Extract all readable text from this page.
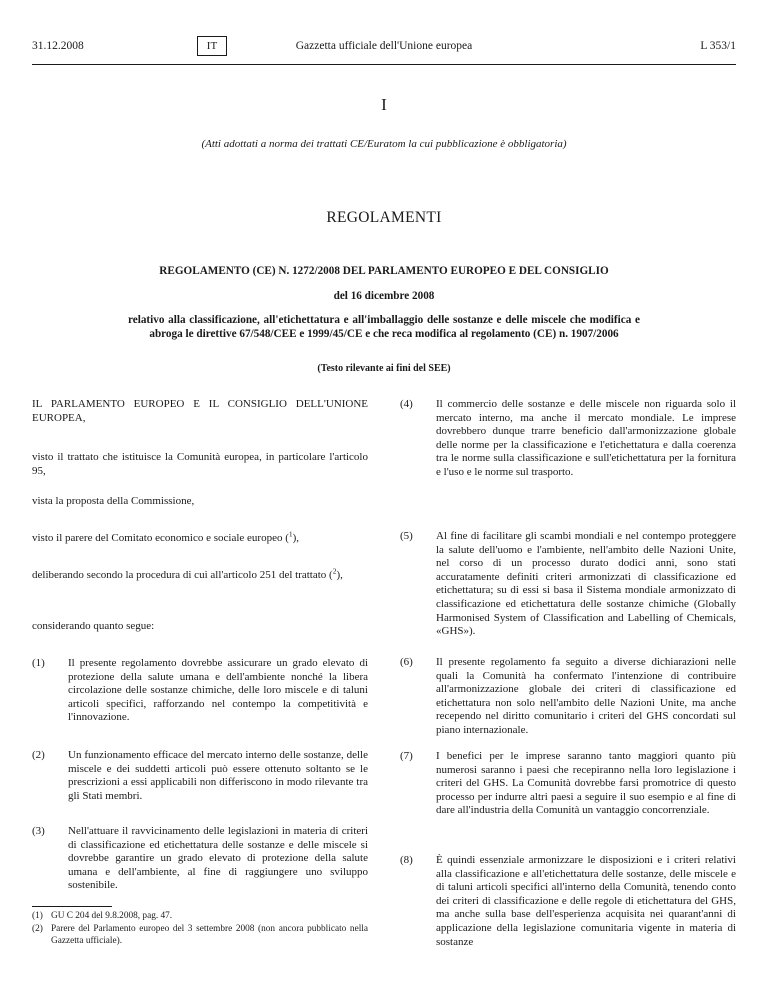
31.12.2008	IT	Gazzetta ufficiale dell'Unione europea	L 353/1
I
(Atti adottati a norma dei trattati CE/Euratom la cui pubblicazione è obbligatoria)
REGOLAMENTI
REGOLAMENTO (CE) N. 1272/2008 DEL PARLAMENTO EUROPEO E DEL CONSIGLIO
del 16 dicembre 2008
relativo alla classificazione, all'etichettatura e all'imballaggio delle sostanze e delle miscele che modifica e abroga le direttive 67/548/CEE e 1999/45/CE e che reca modifica al regolamento (CE) n. 1907/2006
(Testo rilevante ai fini del SEE)
IL PARLAMENTO EUROPEO E IL CONSIGLIO DELL'UNIONE EUROPEA,
visto il trattato che istituisce la Comunità europea, in particolare l'articolo 95,
vista la proposta della Commissione,
visto il parere del Comitato economico e sociale europeo ($^1$),
deliberando secondo la procedura di cui all'articolo 251 del trattato ($^2$),
considerando quanto segue:
(1)	Il presente regolamento dovrebbe assicurare un grado elevato di protezione della salute umana e dell'ambiente nonché la libera circolazione delle sostanze chimiche, delle loro miscele e di taluni articoli specifici, rafforzando nel contempo la competitività e l'innovazione.
(2)	Un funzionamento efficace del mercato interno delle sostanze, delle miscele e dei suddetti articoli può essere ottenuto soltanto se le prescrizioni a essi applicabili non differiscono in modo rilevante tra gli Stati membri.
(3)	Nell'attuare il ravvicinamento delle legislazioni in materia di criteri di classificazione ed etichettatura delle sostanze e delle miscele si dovrebbe garantire un grado elevato di protezione della salute umana e dell'ambiente, al fine di raggiungere uno sviluppo sostenibile.
(1) GU C 204 del 9.8.2008, pag. 47.
(2) Parere del Parlamento europeo del 3 settembre 2008 (non ancora pubblicato nella Gazzetta ufficiale).
(4)	Il commercio delle sostanze e delle miscele non riguarda solo il mercato interno, ma anche il mercato mondiale. Le imprese dovrebbero dunque trarre beneficio dall'armonizzazione globale delle norme per la classificazione e l'etichettatura e dalla coerenza tra le norme sulla classificazione e sull'etichettatura per la fornitura e l'uso e le norme sul trasporto.
(5)	Al fine di facilitare gli scambi mondiali e nel contempo proteggere la salute dell'uomo e l'ambiente, nell'ambito delle Nazioni Unite, nel corso di un processo durato dodici anni, sono stati accuratamente definiti criteri armonizzati di classificazione ed etichettatura; su di essi si basa il Sistema mondiale armonizzato di classificazione ed etichettatura delle sostanze chimiche (Globally Harmonised System of Classification and Labelling of Chemicals, «GHS»).
(6)	Il presente regolamento fa seguito a diverse dichiarazioni nelle quali la Comunità ha confermato l'intenzione di contribuire all'armonizzazione globale dei criteri di classificazione ed etichettatura non solo nell'ambito delle Nazioni Unite, ma anche recependo nel diritto comunitario i criteri del GHS concordati sul piano internazionale.
(7)	I benefici per le imprese saranno tanto maggiori quanto più numerosi saranno i paesi che recepiranno nella loro legislazione i criteri del GHS. La Comunità dovrebbe farsi promotrice di questo processo per indurre altri paesi a seguire il suo esempio e al fine di dare all'industria della Comunità un vantaggio concorrenziale.
(8)	È quindi essenziale armonizzare le disposizioni e i criteri relativi alla classificazione e all'etichettatura delle sostanze, delle miscele e di taluni articoli specifici all'interno della Comunità, tenendo conto dei criteri di classificazione e delle regole di etichettatura del GHS, ma anche sulla base dell'esperienza acquisita nei quarant'anni di applicazione della legislazione comunitaria vigente in materia di sostanze
